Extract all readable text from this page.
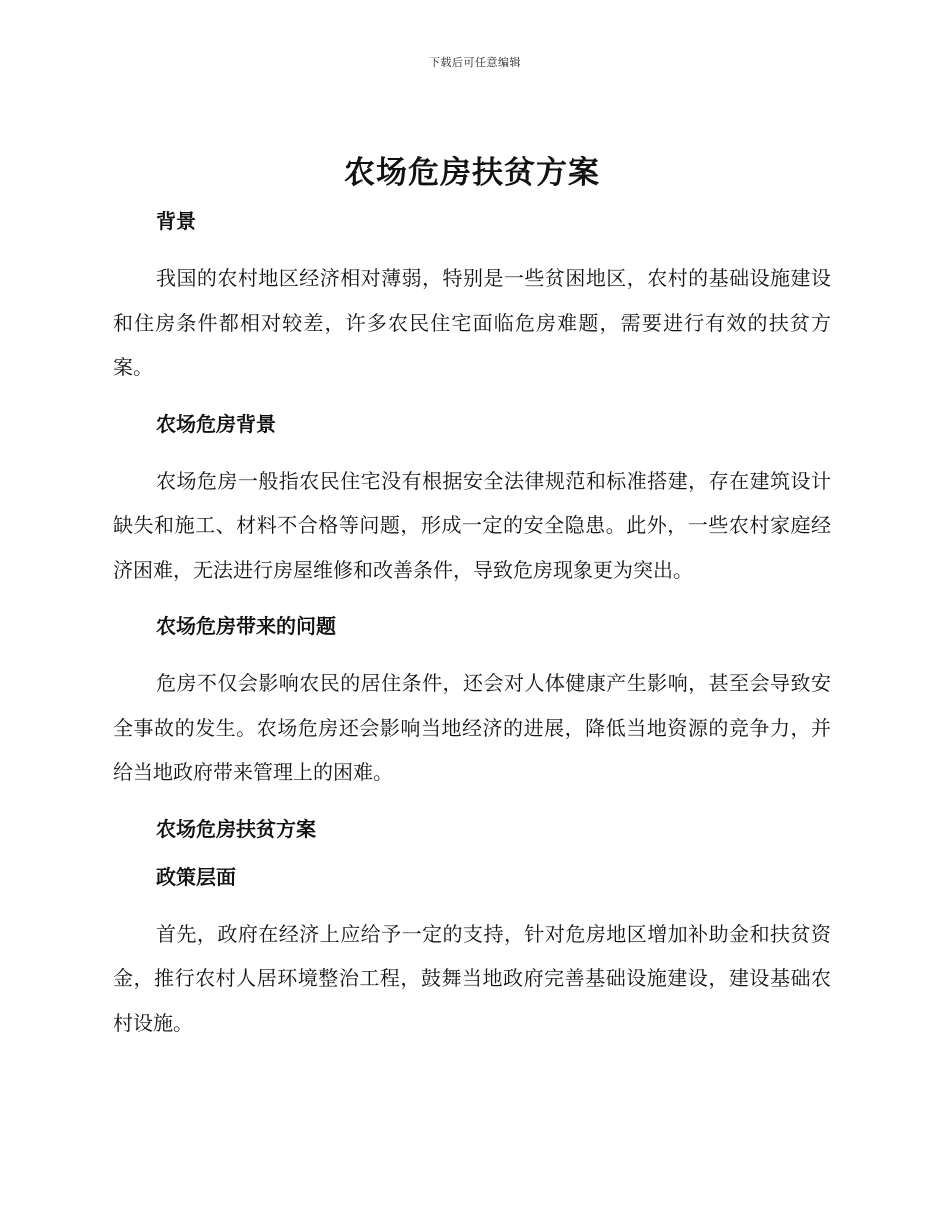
下载后可任意编辑
农场危房扶贫方案
背景

我国的农村地区经济相对薄弱，特别是一些贫困地区，农村的基础设施建设和住房条件都相对较差，许多农民住宅面临危房难题，需要进行有效的扶贫方案。

农场危房背景

农场危房一般指农民住宅没有根据安全法律规范和标准搭建，存在建筑设计缺失和施工、材料不合格等问题，形成一定的安全隐患。此外，一些农村家庭经济困难，无法进行房屋维修和改善条件，导致危房现象更为突出。

农场危房带来的问题

危房不仅会影响农民的居住条件，还会对人体健康产生影响，甚至会导致安全事故的发生。农场危房还会影响当地经济的进展，降低当地资源的竞争力，并给当地政府带来管理上的困难。

农场危房扶贫方案
政策层面

首先，政府在经济上应给予一定的支持，针对危房地区增加补助金和扶贫资金，推行农村人居环境整治工程，鼓舞当地政府完善基础设施建设，建设基础农村设施。
